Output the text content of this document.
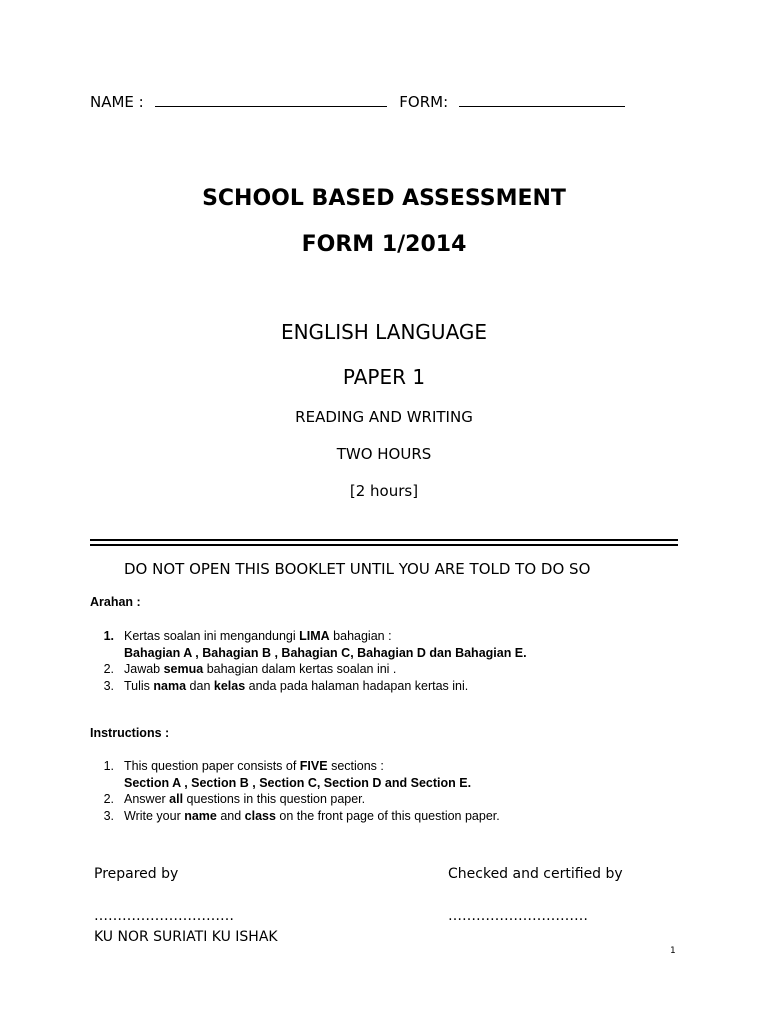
NAME :	FORM:
SCHOOL BASED ASSESSMENT
FORM 1/2014
ENGLISH LANGUAGE
PAPER 1
READING AND WRITING
TWO HOURS
[2 hours]
DO NOT OPEN THIS BOOKLET UNTIL YOU ARE TOLD TO DO SO
Arahan :
1. Kertas soalan ini mengandungi LIMA bahagian :
Bahagian A , Bahagian B , Bahagian C, Bahagian D dan Bahagian E.
2. Jawab semua bahagian dalam kertas soalan ini .
3. Tulis nama dan kelas anda pada halaman hadapan kertas ini.
Instructions :
1. This question paper consists of FIVE sections :
Section A , Section B , Section C, Section D and Section E.
2. Answer all questions in this question paper.
3. Write your name and class on the front page of this question paper.
Prepared by
…………………………
KU NOR SURIATI KU ISHAK
Checked and certified by
…………………………
1
